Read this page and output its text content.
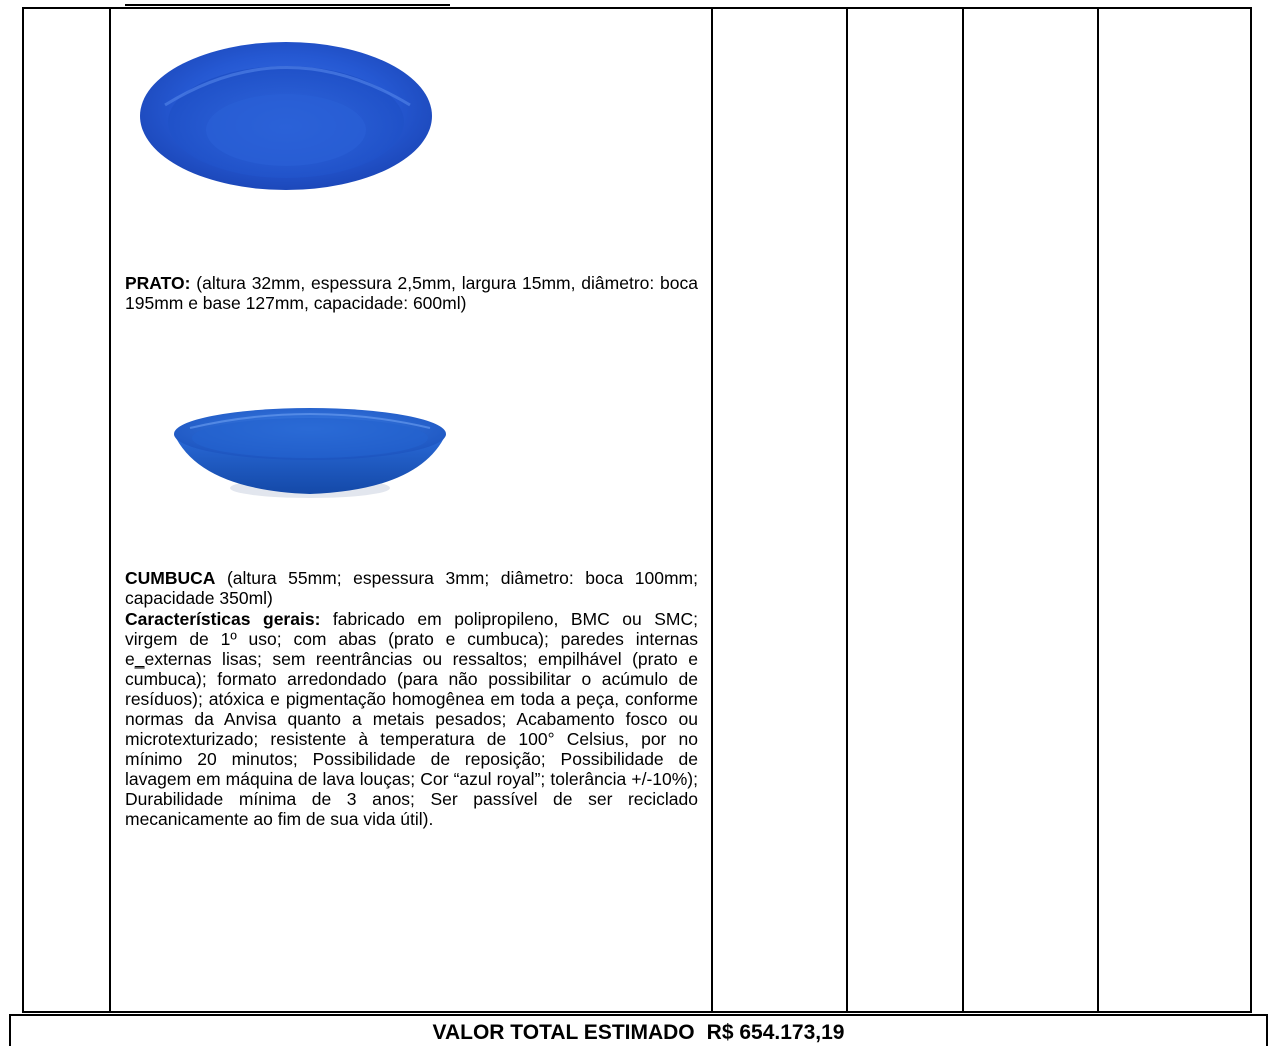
PRATO: (altura 32mm, espessura 2,5mm, largura 15mm, diâmetro: boca 195mm e base 127mm, capacidade: 600ml)
CUMBUCA (altura 55mm; espessura 3mm; diâmetro: boca 100mm; capacidade 350ml)
Características gerais: fabricado em polipropileno, BMC ou SMC; virgem de 1º uso; com abas (prato e cumbuca); paredes internas e_externas lisas; sem reentrâncias ou ressaltos; empilhável (prato e cumbuca); formato arredondado (para não possibilitar o acúmulo de resíduos); atóxica e pigmentação homogênea em toda a peça, conforme normas da Anvisa quanto a metais pesados; Acabamento fosco ou microtexturizado; resistente à temperatura de 100° Celsius, por no mínimo 20 minutos; Possibilidade de reposição; Possibilidade de lavagem em máquina de lava louças; Cor “azul royal”; tolerância +/-10%); Durabilidade mínima de 3 anos; Ser passível de ser reciclado mecanicamente ao fim de sua vida útil).
VALOR TOTAL ESTIMADO R$ 654.173,19
